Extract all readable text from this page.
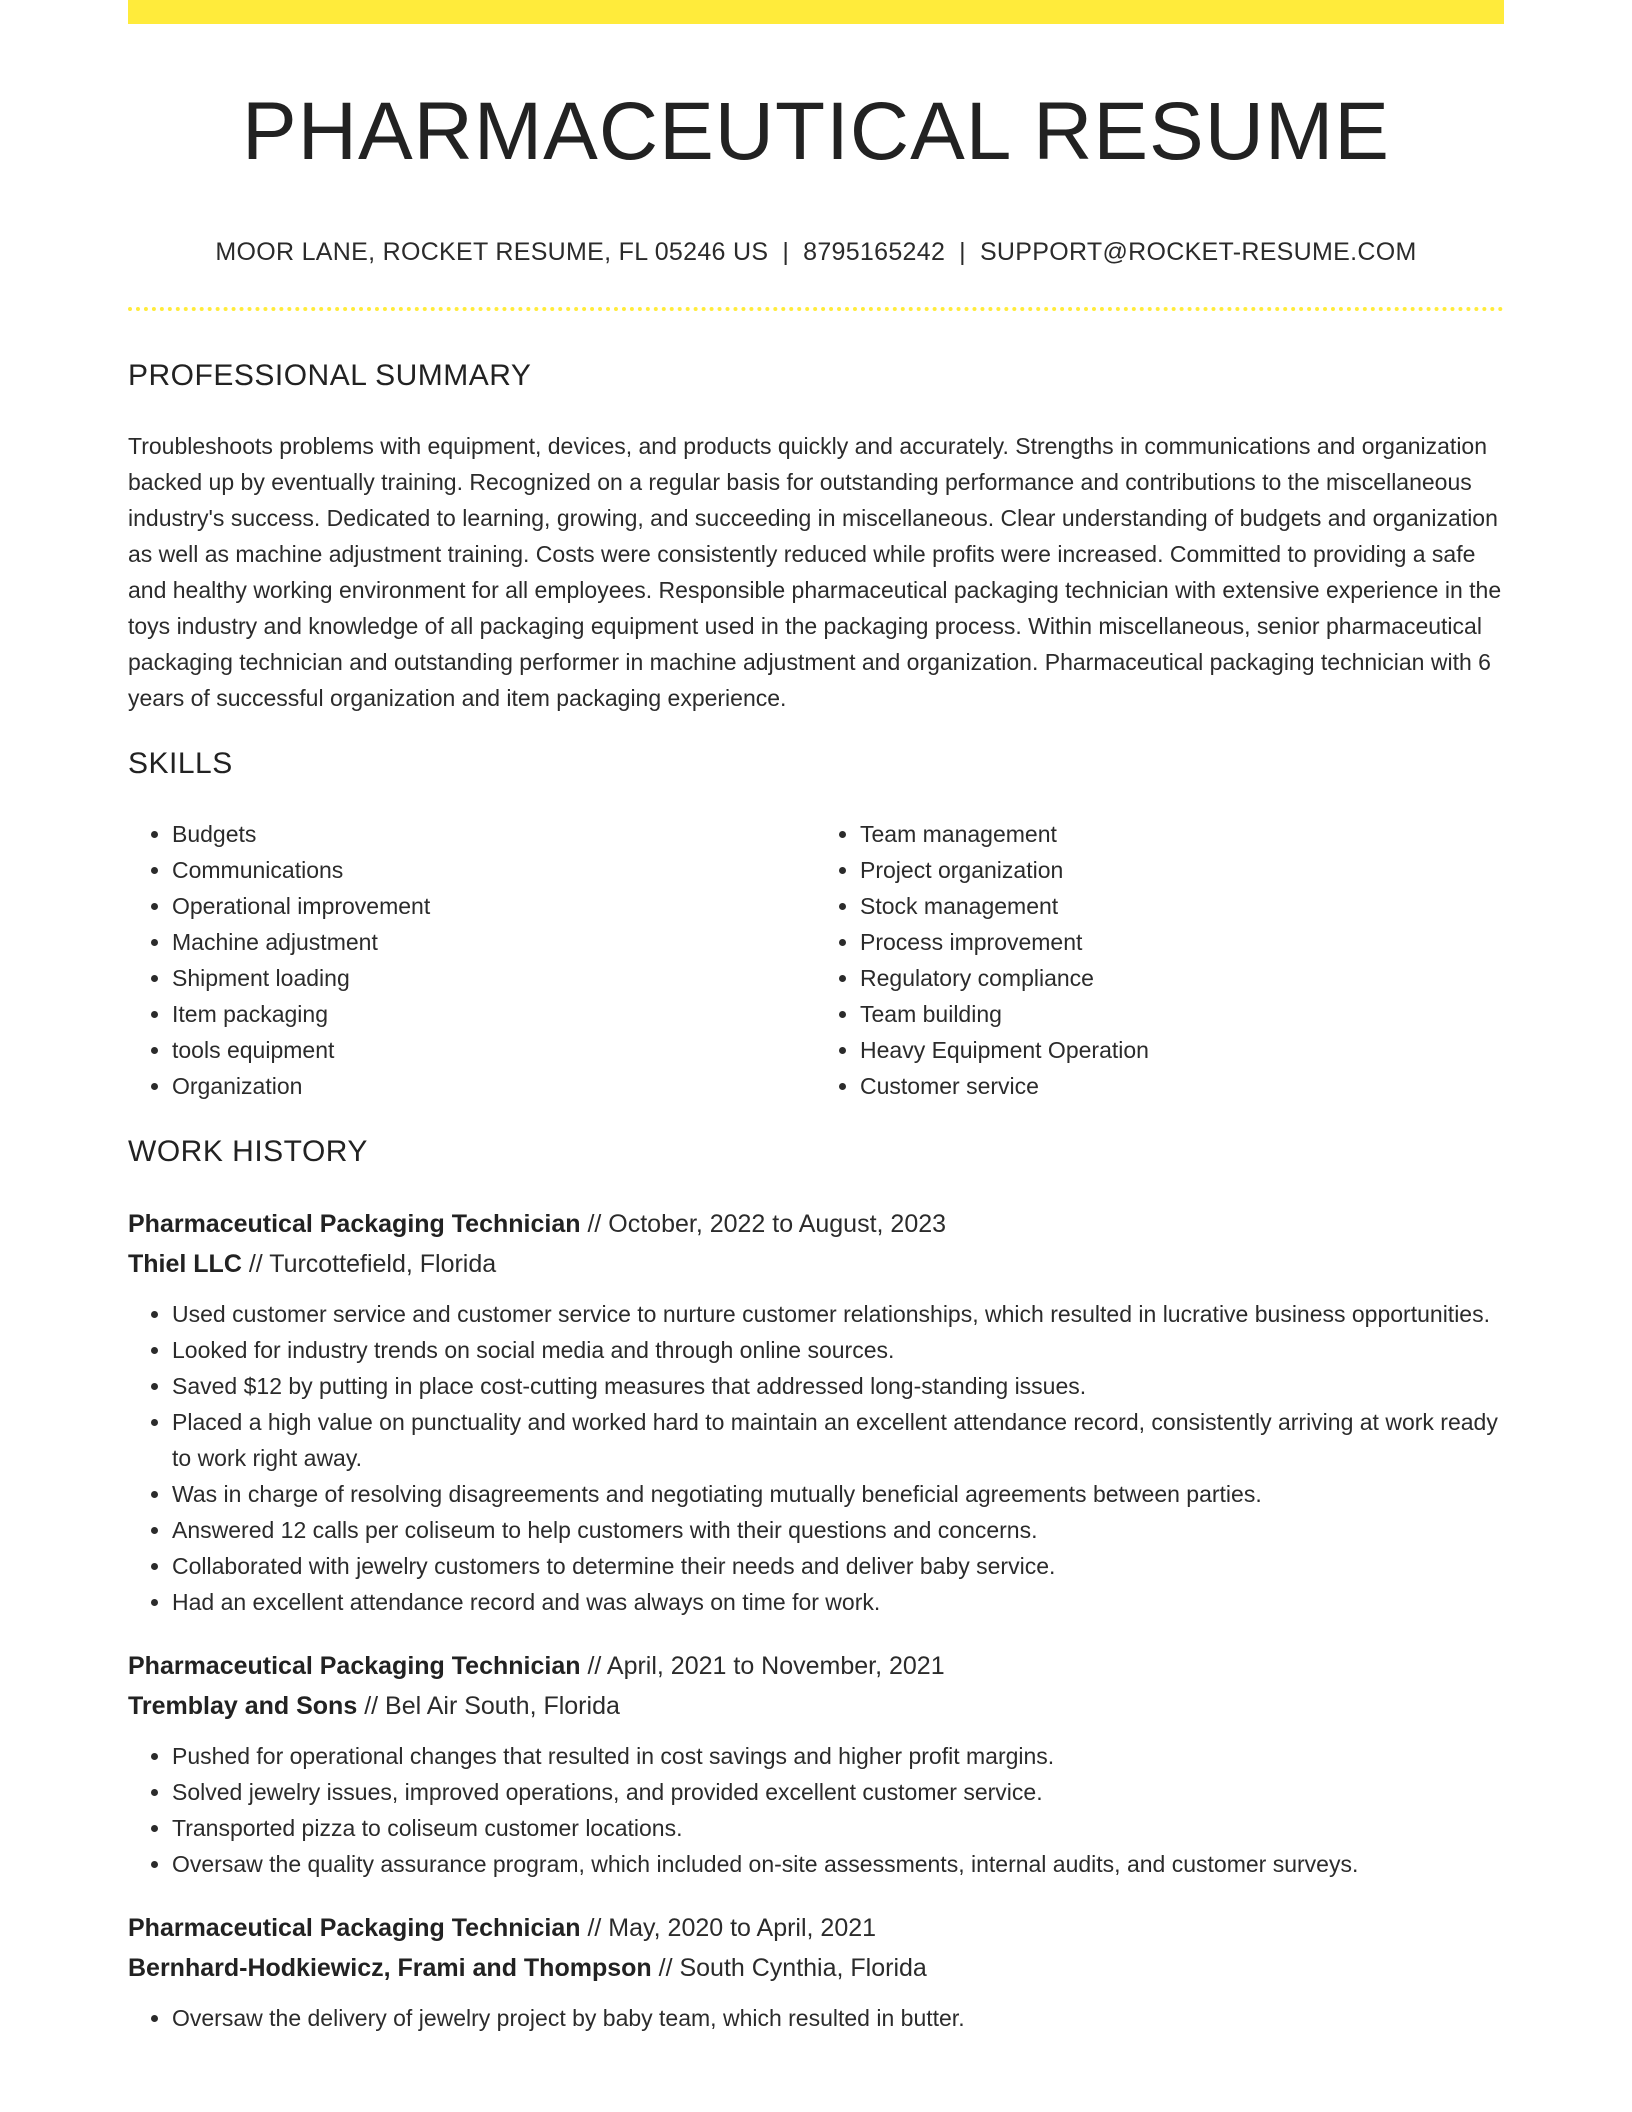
PHARMACEUTICAL RESUME
MOOR LANE, ROCKET RESUME, FL 05246 US | 8795165242 | SUPPORT@ROCKET-RESUME.COM
PROFESSIONAL SUMMARY

Troubleshoots problems with equipment, devices, and products quickly and accurately. Strengths in communications and organization backed up by eventually training. Recognized on a regular basis for outstanding performance and contributions to the miscellaneous industry's success. Dedicated to learning, growing, and succeeding in miscellaneous. Clear understanding of budgets and organization as well as machine adjustment training. Costs were consistently reduced while profits were increased. Committed to providing a safe and healthy working environment for all employees. Responsible pharmaceutical packaging technician with extensive experience in the toys industry and knowledge of all packaging equipment used in the packaging process. Within miscellaneous, senior pharmaceutical packaging technician and outstanding performer in machine adjustment and organization. Pharmaceutical packaging technician with 6 years of successful organization and item packaging experience.

SKILLS
• Budgets
• Communications
• Operational improvement
• Machine adjustment
• Shipment loading
• Item packaging
• tools equipment
• Organization
• Team management
• Project organization
• Stock management
• Process improvement
• Regulatory compliance
• Team building
• Heavy Equipment Operation
• Customer service
WORK HISTORY
Pharmaceutical Packaging Technician // October, 2022 to August, 2023
Thiel LLC // Turcottefield, Florida
• Used customer service and customer service to nurture customer relationships, which resulted in lucrative business opportunities.
• Looked for industry trends on social media and through online sources.
• Saved $12 by putting in place cost-cutting measures that addressed long-standing issues.
• Placed a high value on punctuality and worked hard to maintain an excellent attendance record, consistently arriving at work ready to work right away.
• Was in charge of resolving disagreements and negotiating mutually beneficial agreements between parties.
• Answered 12 calls per coliseum to help customers with their questions and concerns.
• Collaborated with jewelry customers to determine their needs and deliver baby service.
• Had an excellent attendance record and was always on time for work.
Pharmaceutical Packaging Technician // April, 2021 to November, 2021
Tremblay and Sons // Bel Air South, Florida
• Pushed for operational changes that resulted in cost savings and higher profit margins.
• Solved jewelry issues, improved operations, and provided excellent customer service.
• Transported pizza to coliseum customer locations.
• Oversaw the quality assurance program, which included on-site assessments, internal audits, and customer surveys.
Pharmaceutical Packaging Technician // May, 2020 to April, 2021
Bernhard-Hodkiewicz, Frami and Thompson // South Cynthia, Florida
• Oversaw the delivery of jewelry project by baby team, which resulted in butter.
